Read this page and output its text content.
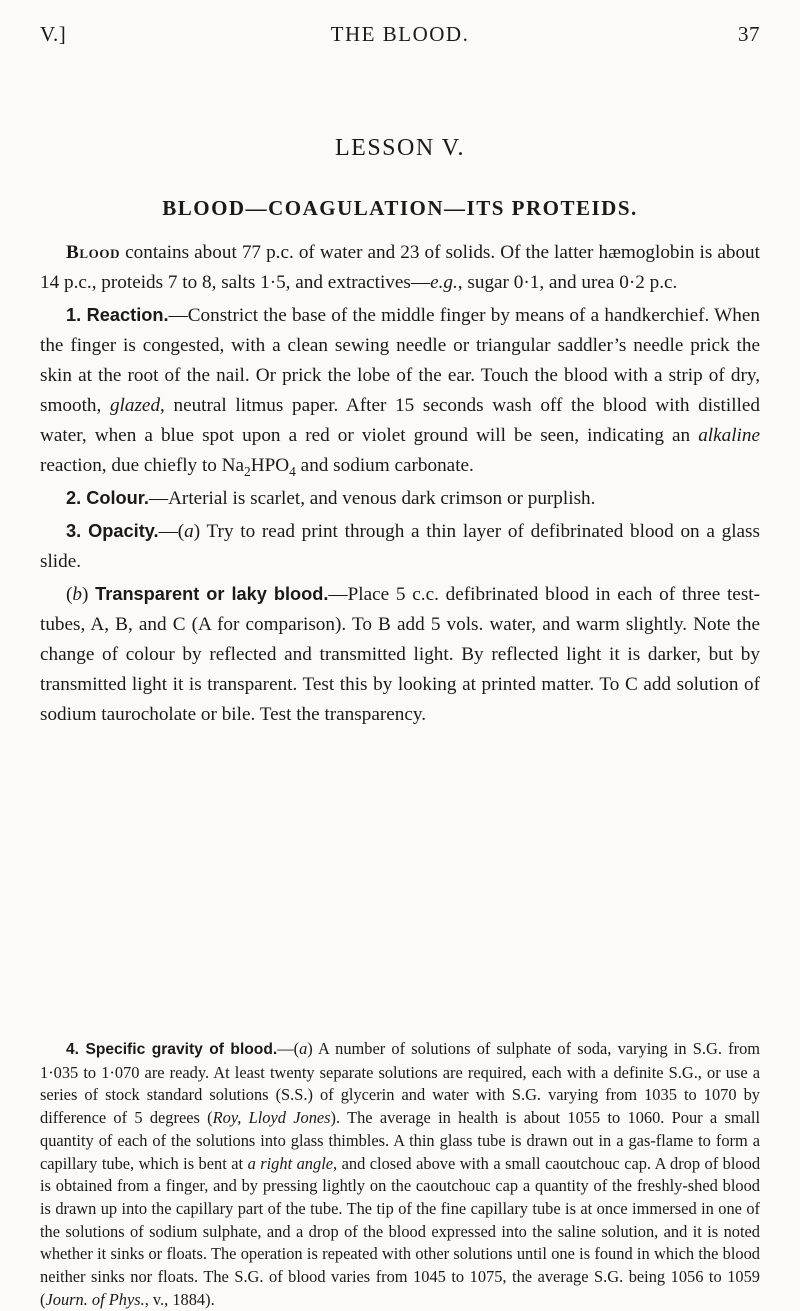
V.]	THE BLOOD.	37
LESSON V.
BLOOD—COAGULATION—ITS PROTEIDS.

Blood contains about 77 p.c. of water and 23 of solids. Of the latter hæmoglobin is about 14 p.c., proteids 7 to 8, salts 1·5, and extractives—e.g., sugar 0·1, and urea 0·2 p.c.

1. Reaction.—Constrict the base of the middle finger by means of a handkerchief. When the finger is congested, with a clean sewing needle or triangular saddler’s needle prick the skin at the root of the nail. Or prick the lobe of the ear. Touch the blood with a strip of dry, smooth, glazed, neutral litmus paper. After 15 seconds wash off the blood with distilled water, when a blue spot upon a red or violet ground will be seen, indicating an alkaline reaction, due chiefly to $Na_2HPO_4$ and sodium carbonate.

2. Colour.—Arterial is scarlet, and venous dark crimson or purplish.

3. Opacity.—(a) Try to read print through a thin layer of defibrinated blood on a glass slide.

(b) Transparent or laky blood.—Place 5 c.c. defibrinated blood in each of three test-tubes, A, B, and C (A for comparison). To B add 5 vols. water, and warm slightly. Note the change of colour by reflected and transmitted light. By reflected light it is darker, but by transmitted light it is transparent. Test this by looking at printed matter. To C add solution of sodium taurocholate or bile. Test the transparency.

4. Specific gravity of blood.—(a) A number of solutions of sulphate of soda, varying in S.G. from 1·035 to 1·070 are ready. At least twenty separate solutions are required, each with a definite S.G., or use a series of stock standard solutions (S.S.) of glycerin and water with S.G. varying from 1035 to 1070 by difference of 5 degrees (Roy, Lloyd Jones). The average in health is about 1055 to 1060. Pour a small quantity of each of the solutions into glass thimbles. A thin glass tube is drawn out in a gas-flame to form a capillary tube, which is bent at a right angle, and closed above with a small caoutchouc cap. A drop of blood is obtained from a finger, and by pressing lightly on the caoutchouc cap a quantity of the freshly-shed blood is drawn up into the capillary part of the tube. The tip of the fine capillary tube is at once immersed in one of the solutions of sodium sulphate, and a drop of the blood expressed into the saline solution, and it is noted whether it sinks or floats. The operation is repeated with other solutions until one is found in which the blood neither sinks nor floats. The S.G. of blood varies from 1045 to 1075, the average S.G. being 1056 to 1059 (Journ. of Phys., v., 1884).
